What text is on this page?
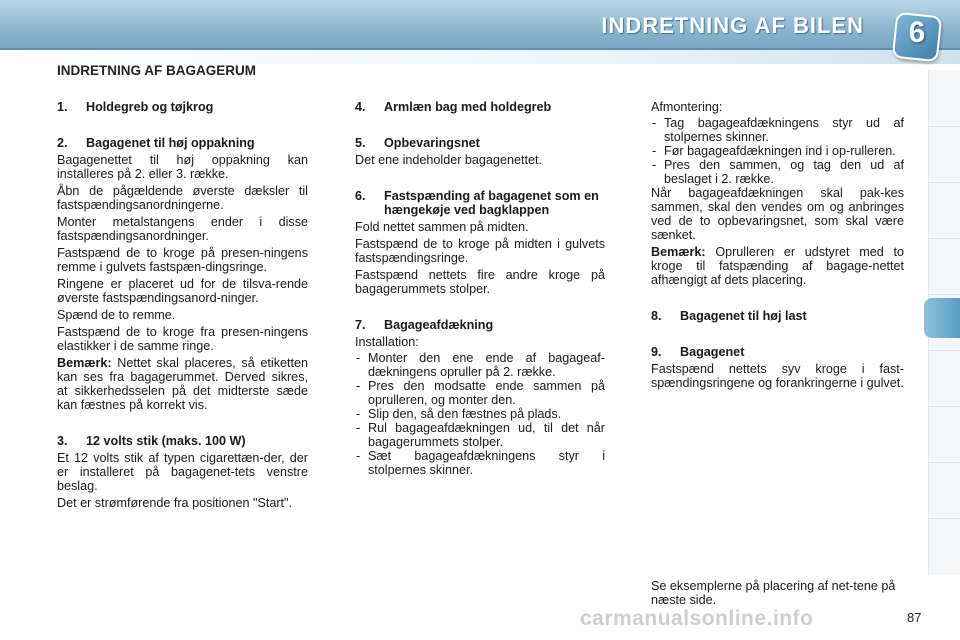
INDRETNING AF BILEN	6
INDRETNING AF BAGAGERUM
1.	Holdegreb og tøjkrog
2.	Bagagenet til høj oppakning

Bagagenettet til høj oppakning kan installeres på 2. eller 3. række.

Åbn de pågældende øverste dæksler til fastspændingsanordningerne.

Monter metalstangens ender i disse fastspændingsanordninger.

Fastspænd de to kroge på presen-ningens remme i gulvets fastspæn-dingsringe.

Ringene er placeret ud for de tilsva-rende øverste fastspændingsanord-ninger.

Spænd de to remme.

Fastspænd de to kroge fra presen-ningens elastikker i de samme ringe.

Bemærk: Nettet skal placeres, så etiketten kan ses fra bagagerummet. Derved sikres, at sikkerhedsselen på det midterste sæde kan fæstnes på korrekt vis.

3.	12 volts stik (maks. 100 W)

Et 12 volts stik af typen cigarettæn-der, der er installeret på bagagenet-tets venstre beslag.

Det er strømførende fra positionen "Start".

4.	Armlæn bag med holdegreb
5.	Opbevaringsnet

Det ene indeholder bagagenettet.

6.	Fastspænding af bagagenet som en hængekøje ved bagklappen

Fold nettet sammen på midten.

Fastspænd de to kroge på midten i gulvets fastspændingsringe.

Fastspænd nettets fire andre kroge på bagagerummets stolper.

7.	Bagageafdækning

Installation:

- Monter den ene ende af bagageaf-dækningens opruller på 2. række.
- Pres den modsatte ende sammen på oprulleren, og monter den.
- Slip den, så den fæstnes på plads.
- Rul bagageafdækningen ud, til det når bagagerummets stolper.
- Sæt bagageafdækningens styr i stolpernes skinner.

Afmontering:

- Tag bagageafdækningens styr ud af stolpernes skinner.
- Før bagageafdækningen ind i op-rulleren.
- Pres den sammen, og tag den ud af beslaget i 2. række.

Når bagageafdækningen skal pak-kes sammen, skal den vendes om og anbringes ved de to opbevaringsnet, som skal være sænket.

Bemærk: Oprulleren er udstyret med to kroge til fatspænding af bagage-nettet afhængigt af dets placering.

8.	Bagagenet til høj last
9.	Bagagenet

Fastspænd nettets syv kroge i fast-spændingsringene og forankringerne i gulvet.

Se eksemplerne på placering af net-tene på næste side.
carmanualsonline.info	87
